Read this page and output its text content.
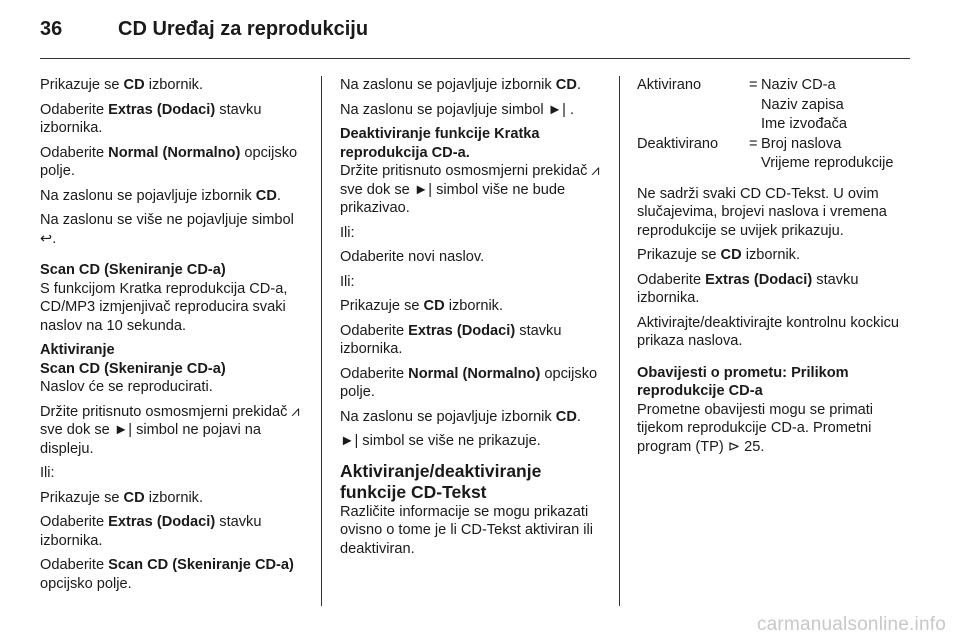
36	CD Uređaj za reprodukciju

Prikazuje se CD izbornik.

Odaberite Extras (Dodaci) stavku izbornika.

Odaberite Normal (Normalno) opcijsko polje.

Na zaslonu se pojavljuje izbornik CD.

Na zaslonu se više ne pojavljuje simbol ↩.

Scan CD (Skeniranje CD-a)

S funkcijom Kratka reprodukcija CD-a, CD/MP3 izmjenjivač reproducira svaki naslov na 10 sekunda.

Aktiviranje

Scan CD (Skeniranje CD-a)

Naslov će se reproducirati.

Držite pritisnuto osmosmjerni prekidač ⩘ sve dok se ►| simbol ne pojavi na displeju.

Ili:

Prikazuje se CD izbornik.

Odaberite Extras (Dodaci) stavku izbornika.

Odaberite Scan CD (Skeniranje CD-a) opcijsko polje.

Na zaslonu se pojavljuje izbornik CD.

Na zaslonu se pojavljuje simbol ►| .

Deaktiviranje funkcije Kratka reprodukcija CD-a.

Držite pritisnuto osmosmjerni prekidač ⩘ sve dok se ►| simbol više ne bude prikazivao.

Ili:

Odaberite novi naslov.

Ili:

Prikazuje se CD izbornik.

Odaberite Extras (Dodaci) stavku izbornika.

Odaberite Normal (Normalno) opcijsko polje.

Na zaslonu se pojavljuje izbornik CD.

►| simbol se više ne prikazuje.

Aktiviranje/deaktiviranje funkcije CD-Tekst

Različite informacije se mogu prikazati ovisno o tome je li CD-Tekst aktiviran ili deaktiviran.

Aktivirano	=	Naziv CD-a
		Naziv zapisa
		Ime izvođača
Deaktivirano	=	Broj naslova
		Vrijeme reprodukcije

Ne sadrži svaki CD CD-Tekst. U ovim slučajevima, brojevi naslova i vremena reprodukcije se uvijek prikazuju.

Prikazuje se CD izbornik.

Odaberite Extras (Dodaci) stavku izbornika.

Aktivirajte/deaktivirajte kontrolnu kockicu prikaza naslova.

Obavijesti o prometu: Prilikom reprodukcije CD-a

Prometne obavijesti mogu se primati tijekom reprodukcije CD-a. Prometni program (TP) ⊳ 25.

carmanualsonline.info
